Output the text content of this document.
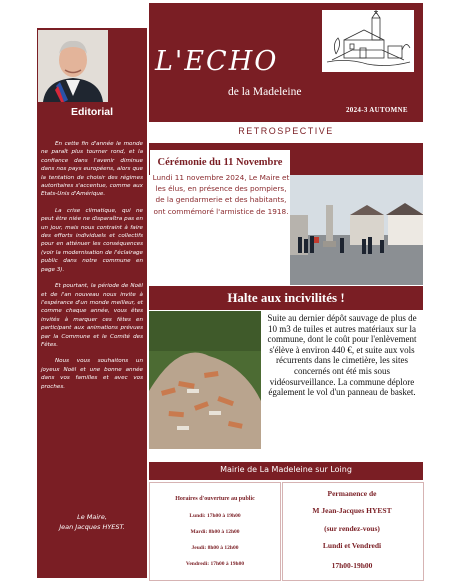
Editorial

En cette fin d'année le monde ne paraît plus tourner rond, et la confiance dans l'avenir diminue dans nos pays européens, alors que la tentation de choisir des régimes autoritaires s'accentue, comme aux Etats-Unis d'Amérique.

La crise climatique, qui ne peut être niée ne disparaîtra pas en un jour, mais nous contraint à faire des efforts individuels et collectifs pour en atténuer les conséquences (voir la modernisation de l'éclairage public dans notre commune en page 3).

Et pourtant, la période de Noël et de l'an nouveau nous invite à l'espérance d'un monde meilleur, et comme chaque année, vous êtes invités à marquer ces fêtes en participant aux animations prévues par la Commune et le Comité des Fêtes.

Nous vous souhaitons un joyeux Noël et une bonne année dans vos familles et avec vos proches.

Le Maire,
Jean Jacques HYEST.
L'ECHO
de la Madeleine
2024-3 AUTOMNE
RETROSPECTIVE
Cérémonie du 11 Novembre
Lundi 11 novembre 2024, Le Maire et les élus, en présence des pompiers, de la gendarmerie et des habitants, ont commémoré l'armistice de 1918.
Halte aux incivilités !
Suite au dernier dépôt sauvage de plus de 10 m3 de tuiles et autres matériaux sur la commune, dont le coût pour l'enlèvement s'élève à environ 440 €, et suite aux vols récurrents dans le cimetière, les sites concernés ont été mis sous vidéosurveillance. La commune déplore également le vol d'un panneau de basket.
Mairie de La Madeleine sur Loing
Horaires d'ouverture au public
Lundi: 17h00 à 19h00
Mardi: 8h00 à 12h00
Jeudi: 8h00 à 12h00
Vendredi: 17h00 à 19h00
Permanence de
M Jean-Jacques HYEST
(sur rendez-vous)
Lundi et Vendredi
17h00-19h00
